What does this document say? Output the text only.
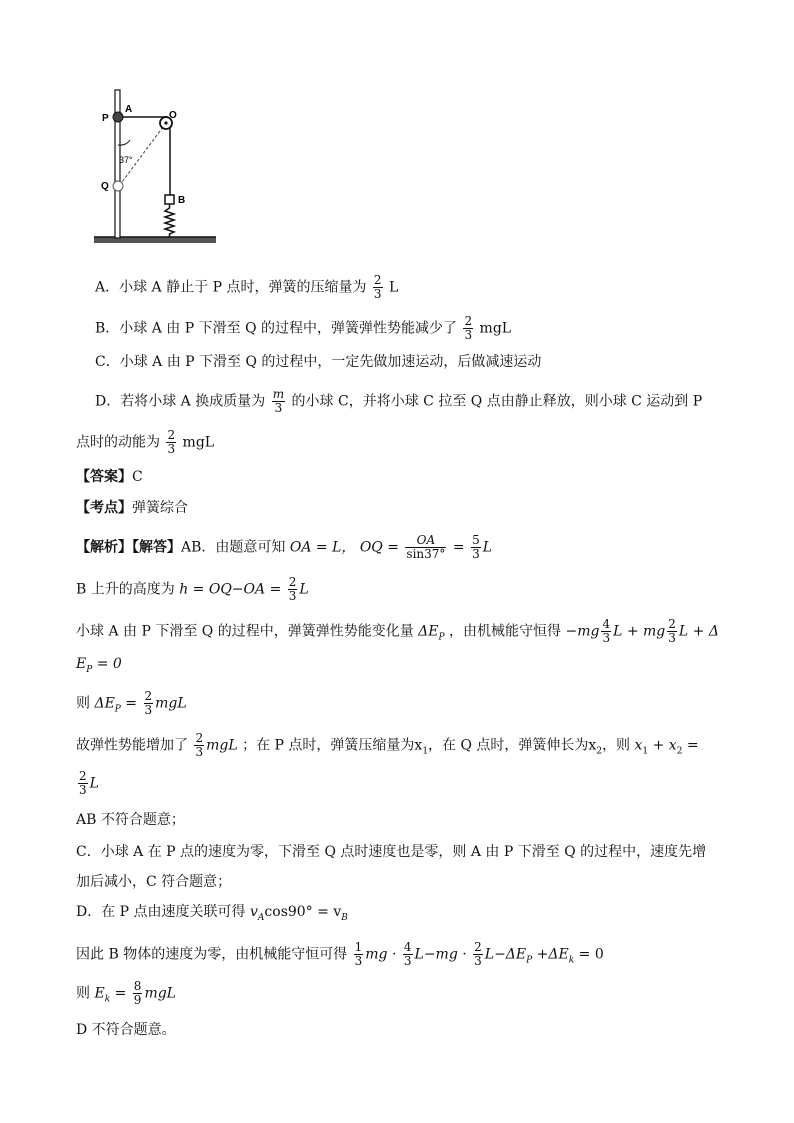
P
A
O
Q
B
37°
A．小球 A 静止于 P 点时，弹簧的压缩量为 $\frac{2}{3}$ L
B．小球 A 由 P 下滑至 Q 的过程中，弹簧弹性势能减少了 $\frac{2}{3}$ mgL
C．小球 A 由 P 下滑至 Q 的过程中，一定先做加速运动，后做减速运动
D．若将小球 A 换成质量为 $\frac{m}{3}$ 的小球 C，并将小球 C 拉至 Q 点由静止释放，则小球 C 运动到 P
点时的动能为 $\frac{2}{3}$ mgL
【答案】C
【考点】弹簧综合
【解析】【解答】AB．由题意可知 OA = L， OQ = $\frac{OA}{\sin 37^\circ} = \frac{5}{3}$ L
B 上升的高度为 $h = OQ-OA = \frac{2}{3}$ L
小球 A 由 P 下滑至 Q 的过程中，弹簧弹性势能变化量 $\Delta E_P$ ，由机械能守恒得 $-mg \frac{4}{3}$ L + mg $\frac{2}{3}$ L + Δ
$E_P = 0$
则 $\Delta E_P = \frac{2}{3}$ mgL
故弹性势能增加了 $\frac{2}{3}$ mgL ；在 P 点时，弹簧压缩量为$x_1$，在 Q 点时，弹簧伸长为$x_2$，则 $x_1 + x_2$ =
$\frac{2}{3}$ L
AB 不符合题意；
C．小球 A 在 P 点的速度为零，下滑至 Q 点时速度也是零，则 A 由 P 下滑至 Q 的过程中，速度先增
加后减小，C 符合题意；
D．在 P 点由速度关联可得 $v_A\cos 90^\circ = v_B$
因此 B 物体的速度为零，由机械能守恒可得 $\frac{1}{3}$ mg · $\frac{4}{3} L-mg \cdot \frac{2}{3} L-\Delta E_P +\Delta E_k = 0$
则 $E_k = \frac{8}{9}$ mgL
D 不符合题意。
